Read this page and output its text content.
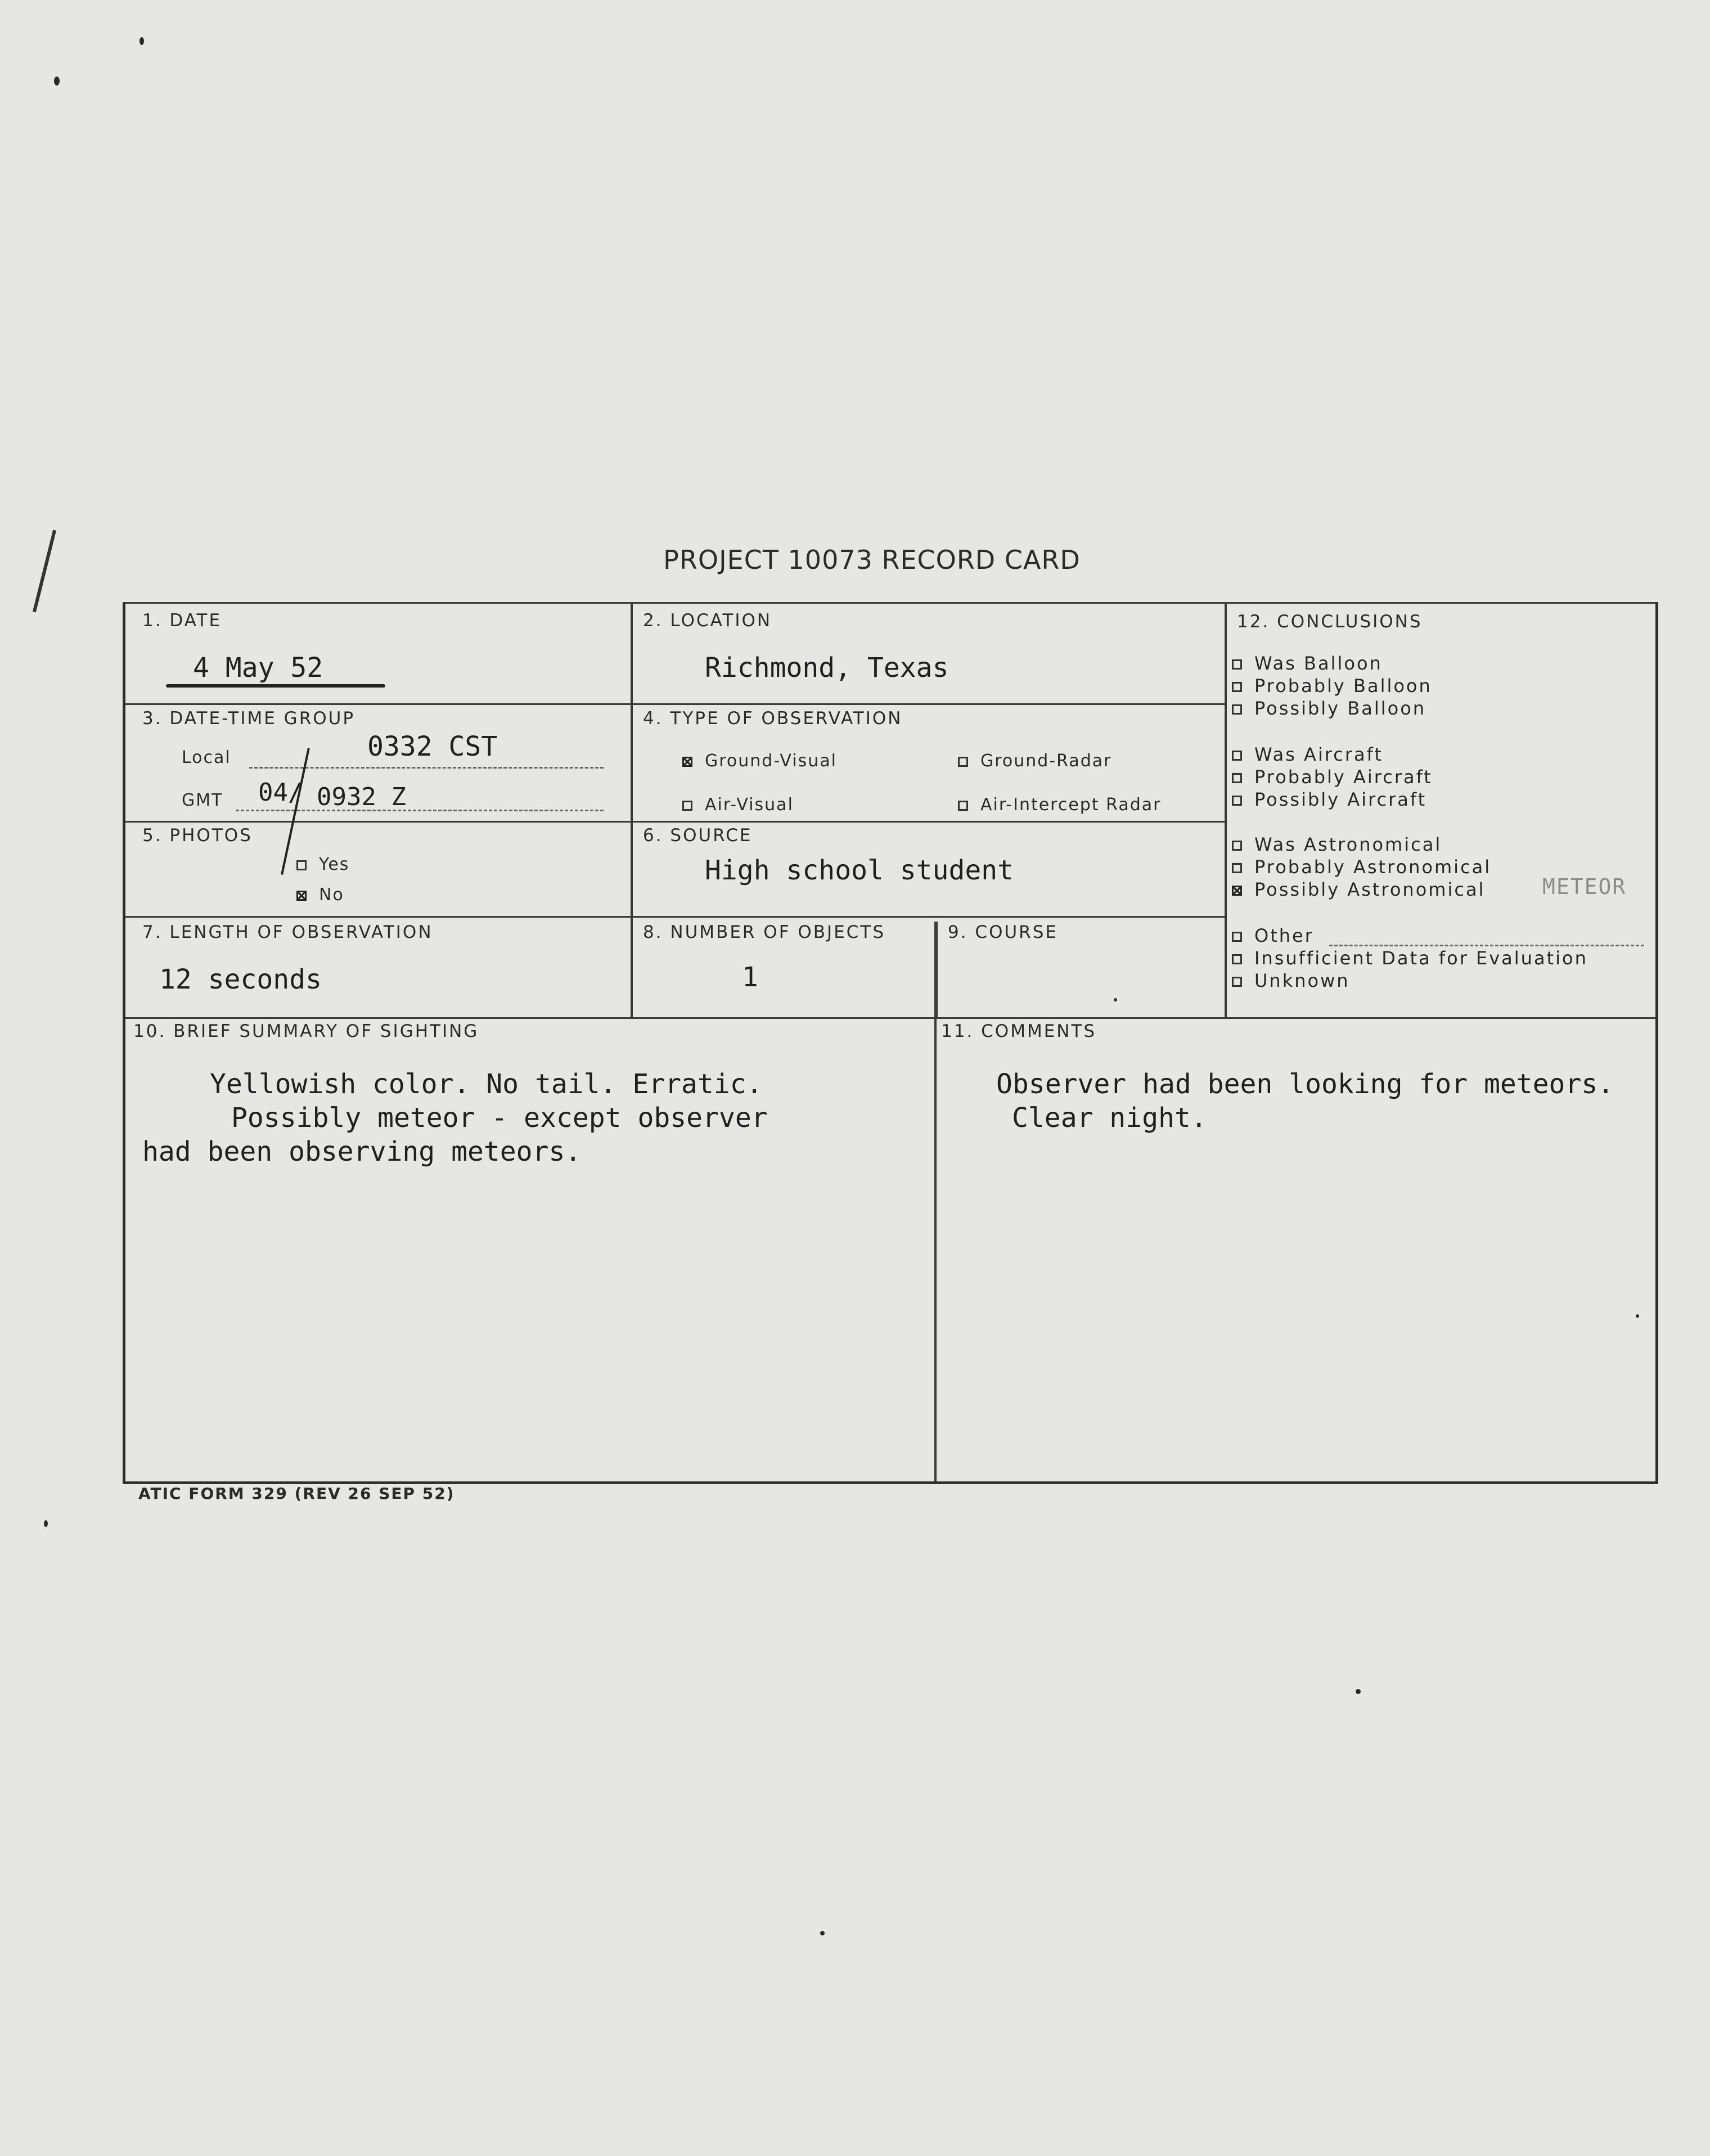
PROJECT 10073 RECORD CARD
1. DATE
4 May 52
2. LOCATION
Richmond, Texas
3. DATE-TIME GROUP
Local	0332 CST
GMT 04/ 0932 Z
4. TYPE OF OBSERVATION
Ground-Visual	Ground-Radar
Air-Visual	Air-Intercept Radar
5. PHOTOS
Yes
No
6. SOURCE
High school student
7. LENGTH OF OBSERVATION
12 seconds
8. NUMBER OF OBJECTS
1
9. COURSE
10. BRIEF SUMMARY OF SIGHTING
Yellowish color. No tail. Erratic.
Possibly meteor - except observer
had been observing meteors.
11. COMMENTS
Observer had been looking for meteors.
Clear night.
12. CONCLUSIONS
Was Balloon
Probably Balloon
Possibly Balloon
Was Aircraft
Probably Aircraft
Possibly Aircraft
Was Astronomical
Probably Astronomical
Possibly Astronomical
Other
Insufficient Data for Evaluation
Unknown
METEOR
ATIC FORM 329 (REV 26 SEP 52)
